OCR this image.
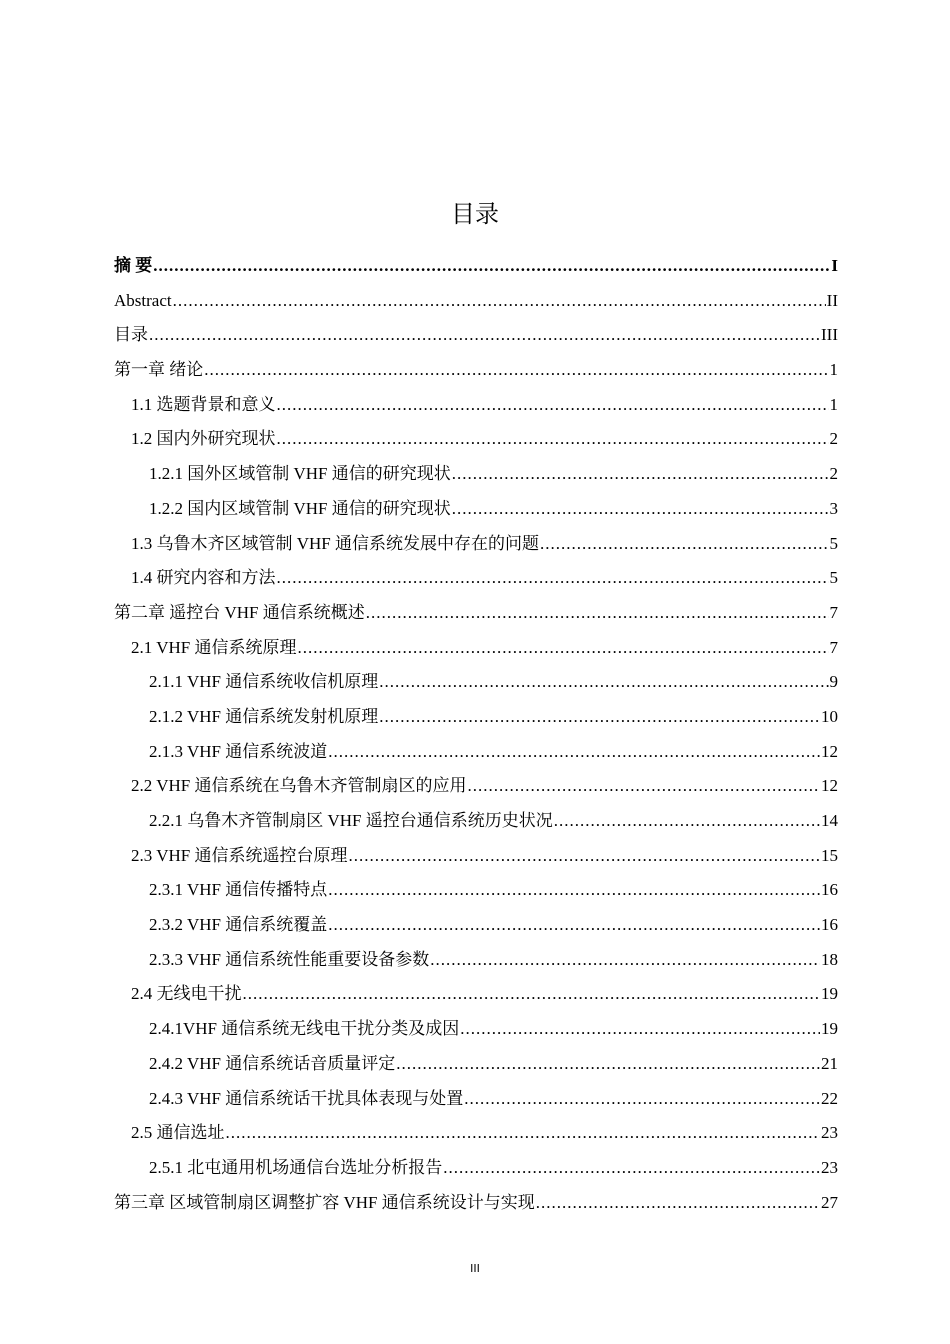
目录
摘 要 .....	I
Abstract .....	II
目录 .....	III
第一章 绪论 .....	1
1.1 选题背景和意义 .....	1
1.2 国内外研究现状 .....	2
1.2.1 国外区域管制 VHF 通信的研究现状 .....	2
1.2.2 国内区域管制 VHF 通信的研究现状 .....	3
1.3 乌鲁木齐区域管制 VHF 通信系统发展中存在的问题 .....	5
1.4 研究内容和方法 .....	5
第二章 遥控台 VHF 通信系统概述 .....	7
2.1 VHF 通信系统原理 .....	7
2.1.1 VHF 通信系统收信机原理 .....	9
2.1.2 VHF 通信系统发射机原理 .....	10
2.1.3 VHF 通信系统波道 .....	12
2.2 VHF 通信系统在乌鲁木齐管制扇区的应用 .....	12
2.2.1 乌鲁木齐管制扇区 VHF 遥控台通信系统历史状况 .....	14
2.3 VHF 通信系统遥控台原理 .....	15
2.3.1 VHF 通信传播特点 .....	16
2.3.2 VHF 通信系统覆盖 .....	16
2.3.3 VHF 通信系统性能重要设备参数 .....	18
2.4 无线电干扰 .....	19
2.4.1VHF 通信系统无线电干扰分类及成因 .....	19
2.4.2 VHF 通信系统话音质量评定 .....	21
2.4.3 VHF 通信系统话干扰具体表现与处置 .....	22
2.5 通信选址 .....	23
2.5.1 北屯通用机场通信台选址分析报告 .....	23
第三章 区域管制扇区调整扩容 VHF 通信系统设计与实现 .....	27
III
